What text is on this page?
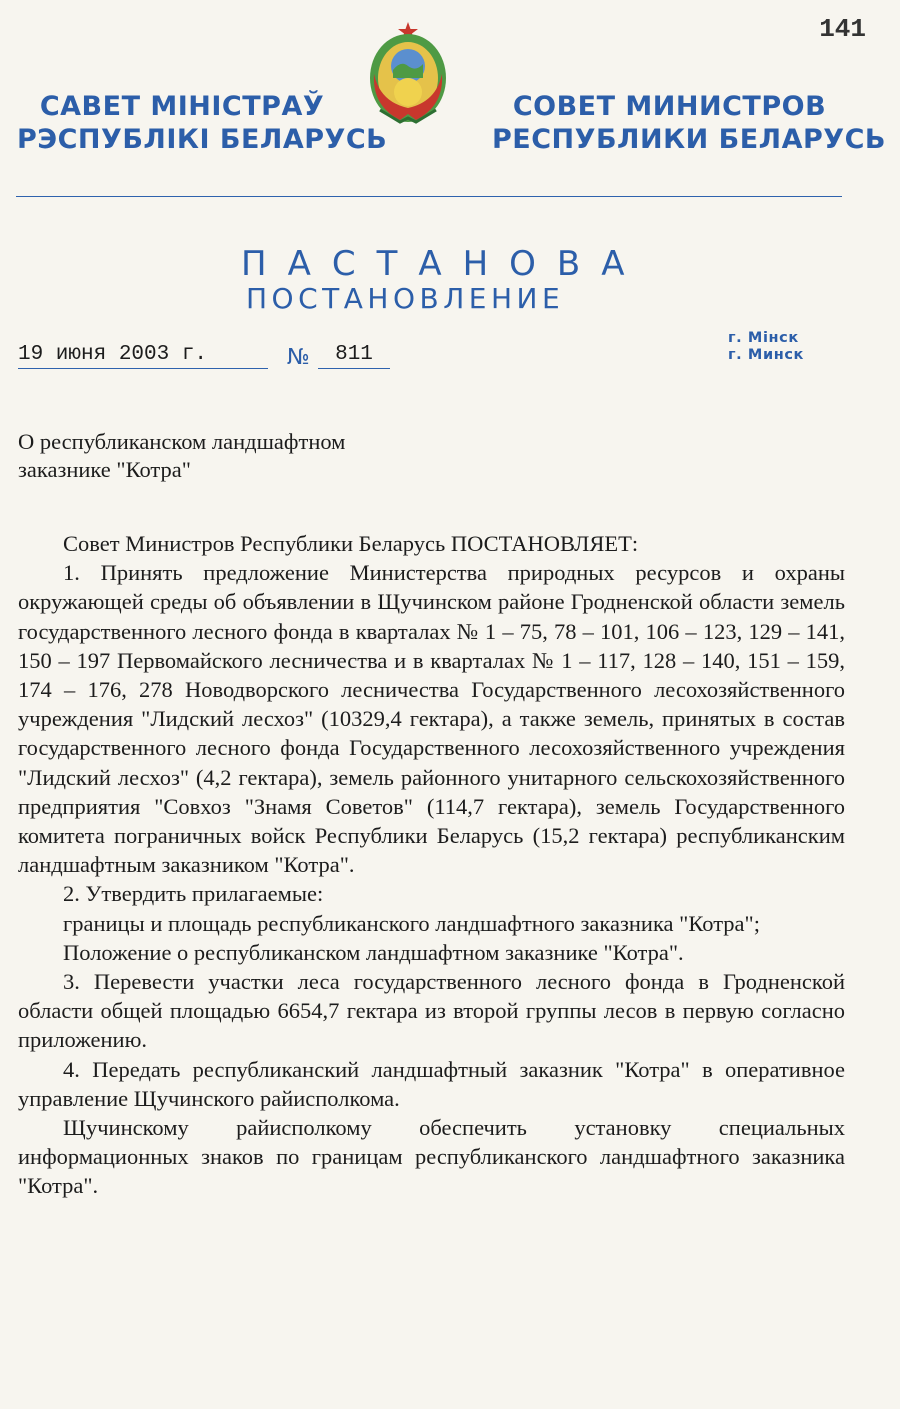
141
САВЕТ МІНІСТРАЎ
РЭСПУБЛІКІ БЕЛАРУСЬ
СОВЕТ МИНИСТРОВ
РЕСПУБЛИКИ БЕЛАРУСЬ
ПАСТАНОВА
ПОСТАНОВЛЕНИЕ
19 июня 2003 г.	№	811
г. Мінск
г. Минск
О республиканском ландшафтном
заказнике "Котра"

Совет Министров Республики Беларусь ПОСТАНОВЛЯЕТ:

1. Принять предложение Министерства природных ресурсов и охраны окружающей среды об объявлении в Щучинском районе Гродненской области земель государственного лесного фонда в кварталах № 1 – 75, 78 – 101, 106 – 123, 129 – 141, 150 – 197 Первомайского лесничества и в кварталах № 1 – 117, 128 – 140, 151 – 159, 174 – 176, 278 Новодворского лесничества Государственного лесохозяйственного учреждения "Лидский лесхоз" (10329,4 гектара), а также земель, принятых в состав государственного лесного фонда Государственного лесохозяйственного учреждения "Лидский лесхоз" (4,2 гектара), земель районного унитарного сельскохозяйственного предприятия "Совхоз "Знамя Советов" (114,7 гектара), земель Государственного комитета пограничных войск Республики Беларусь (15,2 гектара) республиканским ландшафтным заказником "Котра".

2. Утвердить прилагаемые:

границы и площадь республиканского ландшафтного заказника "Котра";

Положение о республиканском ландшафтном заказнике "Котра".

3. Перевести участки леса государственного лесного фонда в Гродненской области общей площадью 6654,7 гектара из второй группы лесов в первую согласно приложению.

4. Передать республиканский ландшафтный заказник "Котра" в оперативное управление Щучинского райисполкома.

Щучинскому райисполкому обеспечить установку специальных информационных знаков по границам республиканского ландшафтного заказника "Котра".
